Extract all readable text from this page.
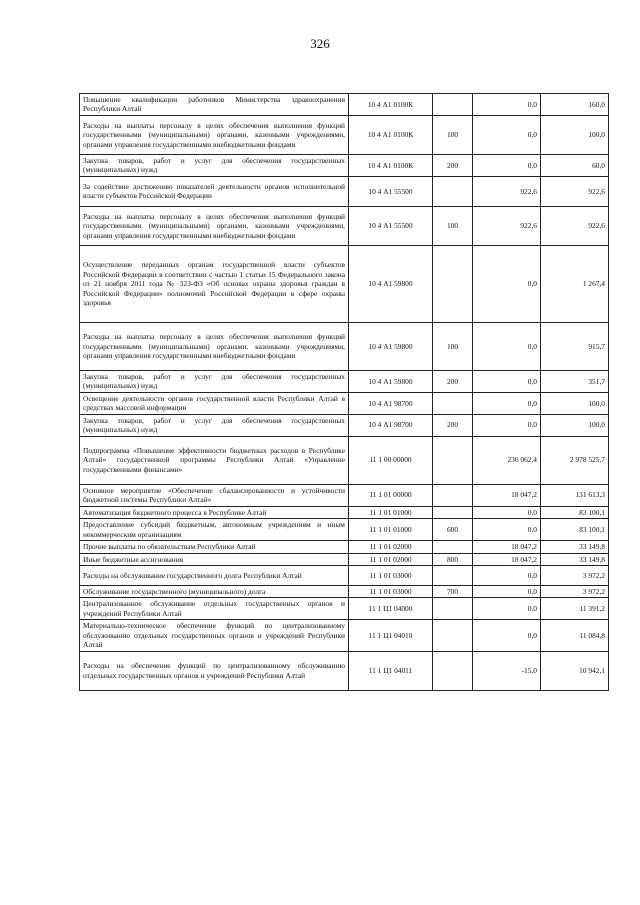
326
Повышение квалификации работников Министерства здравоохранения Республики Алтай	10 4 А1 0100К		0,0	160,0
Расходы на выплаты персоналу в целях обеспечения выполнения функций государственными (муниципальными) органами, казенными учреждениями, органами управления государственными внебюджетными фондами	10 4 А1 0100К	100	0,0	100,0
Закупка товаров, работ и услуг для обеспечения государственных (муниципальных) нужд	10 4 А1 0100К	200	0,0	60,0
За содействие достижению показателей деятельности органов исполнительной власти субъектов Российской Федерации	10 4 А1 55500		922,6	922,6
Расходы на выплаты персоналу в целях обеспечения выполнения функций государственными (муниципальными) органами, казенными учреждениями, органами управления государственными внебюджетными фондами	10 4 А1 55500	100	922,6	922,6
Осуществление переданных органам государственной власти субъектов Российской Федерации в соответствии с частью 1 статьи 15 Федерального закона от 21 ноября 2011 года № 323-ФЗ «Об основах охраны здоровья граждан в Российской Федерации» полномочий Российской Федерации в сфере охраны здоровья	10 4 А1 59800		0,0	1 267,4
Расходы на выплаты персоналу в целях обеспечения выполнения функций государственными (муниципальными) органами, казенными учреждениями, органами управления государственными внебюджетными фондами	10 4 А1 59800	100	0,0	915,7
Закупка товаров, работ и услуг для обеспечения государственных (муниципальных) нужд	10 4 А1 59800	200	0,0	351,7
Освещение деятельности органов государственной власти Республики Алтай в средствах массовой информации	10 4 А1 98700		0,0	100,0
Закупка товаров, работ и услуг для обеспечения государственных (муниципальных) нужд	10 4 А1 98700	200	0,0	100,0
Подпрограмма «Повышение эффективности бюджетных расходов в Республике Алтай» государственной программы Республики Алтай «Управление государственными финансами»	11 1 00 00000		236 062,4	2 978 525,7
Основное мероприятие «Обеспечение сбалансированности и устойчивости бюджетной системы Республики Алтай»	11 1 01 00000		18 047,2	131 613,3
Автоматизация бюджетного процесса в Республике Алтай	11 1 01 01000		0,0	83 100,1
Предоставление субсидий бюджетным, автономным учреждениям и иным некоммерческим организациям	11 1 01 01000	600	0,0	83 100,1
Прочие выплаты по обязательствам Республики Алтай	11 1 01 02000		18 047,2	33 149,8
Иные бюджетные ассигнования	11 1 01 02000	800	18 047,2	33 149,8
Расходы на обслуживание государственного долга Республики Алтай	11 1 01 03000		0,0	3 972,2
Обслуживание государственного (муниципального) долга	11 1 01 03000	700	0,0	3 972,2
Централизованное обслуживание отдельных государственных органов и учреждений Республики Алтай	11 1 Ц1 04000		0,0	11 391,2
Материально-техническое обеспечение функций по централизованному обслуживанию отдельных государственных органов и учреждений Республики Алтай	11 1 Ц1 04010		0,0	11 084,8
Расходы на обеспечение функций по централизованному обслуживанию отдельных государственных органов и учреждений Республики Алтай	11 1 Ц1 04011		-15,0	10 942,1
